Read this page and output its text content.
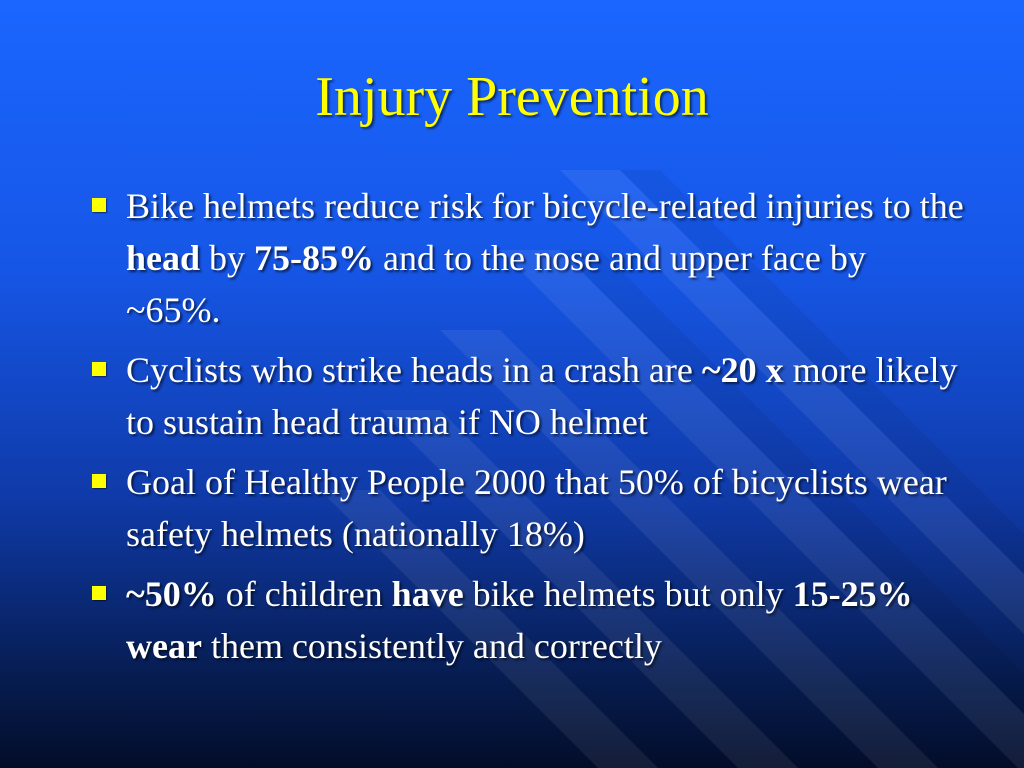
Injury Prevention
Bike helmets reduce risk for bicycle-related injuries to the head by 75-85% and to the nose and upper face by ~65%.
Cyclists who strike heads in a crash are ~20 x more likely to sustain head trauma if NO helmet
Goal of Healthy People 2000 that 50% of bicyclists wear safety helmets (nationally 18%)
~50% of children have bike helmets but only 15-25% wear them consistently and correctly
